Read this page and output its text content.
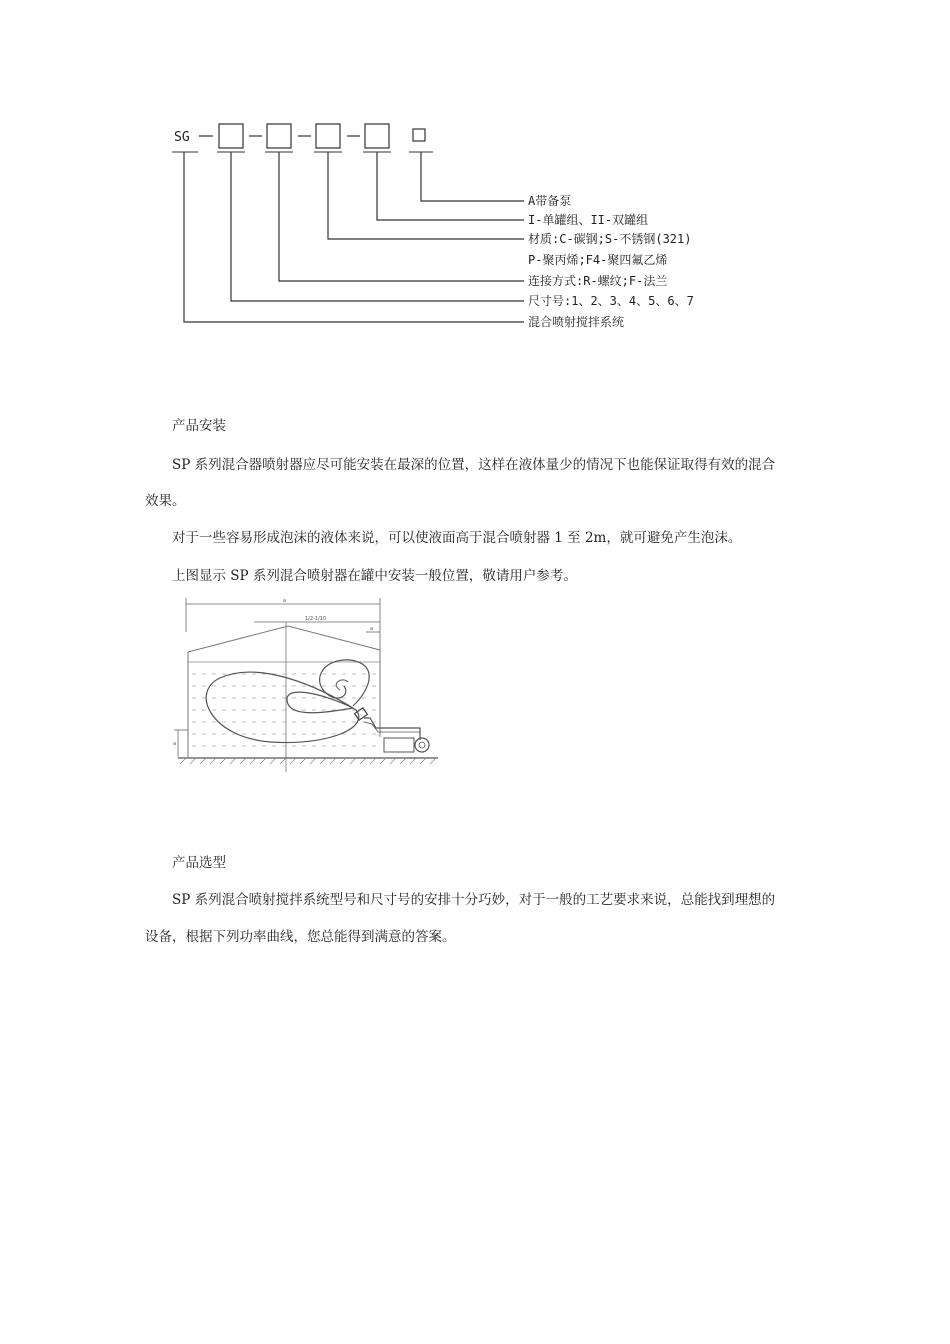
SG
A带备泵
I-单罐组、II-双罐组
材质:C-碳钢;S-不锈钢(321)
P-聚丙烯;F4-聚四氟乙烯
连接方式:R-螺纹;F-法兰
尺寸号:1、2、3、4、5、6、7
混合喷射搅拌系统

产品安装

SP 系列混合器喷射器应尽可能安装在最深的位置，这样在液体量少的情况下也能保证取得有效的混合

效果。

对于一些容易形成泡沫的液体来说，可以使液面高于混合喷射器 1 至 2m，就可避免产生泡沫。

上图显示 SP 系列混合喷射器在罐中安装一般位置，敬请用户参考。

a
1/2-1/10
a
a

产品选型

SP 系列混合喷射搅拌系统型号和尺寸号的安排十分巧妙，对于一般的工艺要求来说，总能找到理想的

设备，根据下列功率曲线，您总能得到满意的答案。
